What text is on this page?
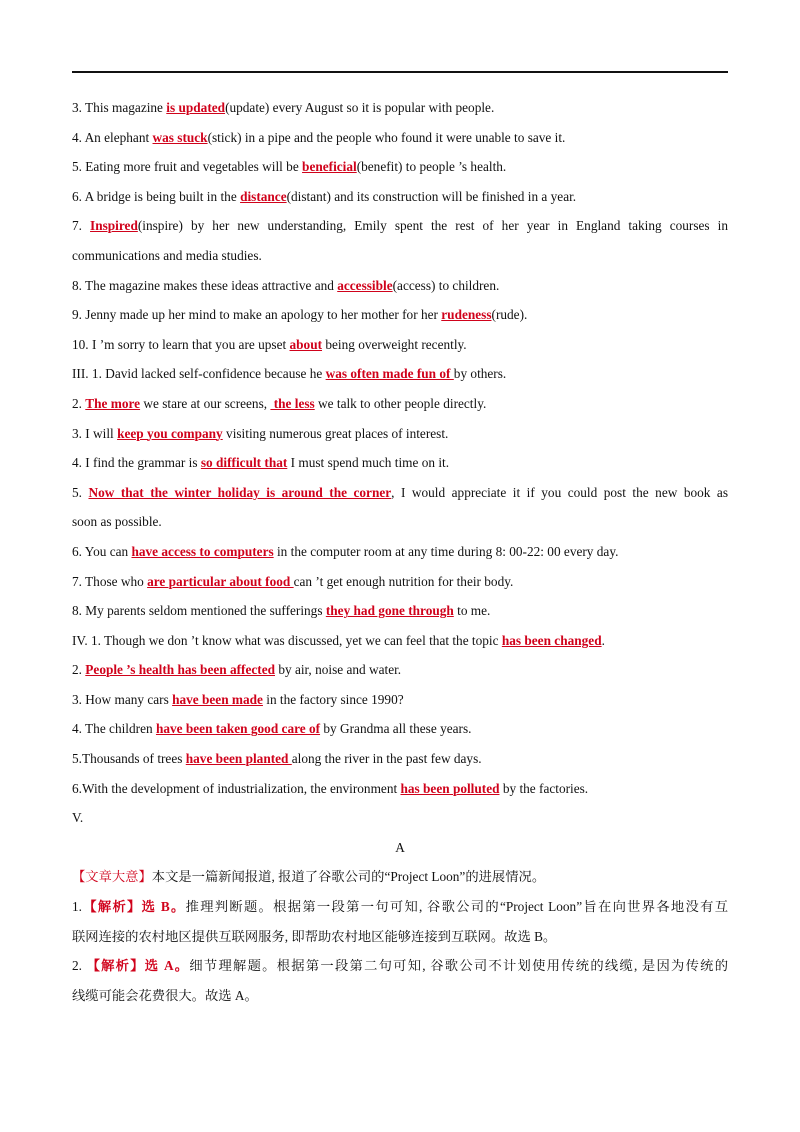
3. This magazine is updated(update) every August so it is popular with people.
4. An elephant was stuck(stick) in a pipe and the people who found it were unable to save it.
5. Eating more fruit and vegetables will be beneficial(benefit) to people ’s health.
6. A bridge is being built in the distance(distant) and its construction will be finished in a year.
7. Inspired(inspire) by her new understanding, Emily spent the rest of her year in England taking courses in
communications and media studies.
8. The magazine makes these ideas attractive and accessible(access) to children.
9. Jenny made up her mind to make an apology to her mother for her rudeness(rude).
10. I ’m sorry to learn that you are upset about being overweight recently.
III. 1. David lacked self-confidence because he was often made fun of by others.
2. The more we stare at our screens,  the less we talk to other people directly.
3. I will keep you company visiting numerous great places of interest.
4. I find the grammar is so difficult that I must spend much time on it.
5. Now that the winter holiday is around the corner, I would appreciate it if you could post the new book as
soon as possible.
6. You can have access to computers in the computer room at any time during 8: 00-22: 00 every day.
7. Those who are particular about food can ’t get enough nutrition for their body.
8. My parents seldom mentioned the sufferings they had gone through to me.
IV. 1. Though we don ’t know what was discussed, yet we can feel that the topic has been changed.
2. People ’s health has been affected by air, noise and water.
3. How many cars have been made in the factory since 1990?
4. The children have been taken good care of by Grandma all these years.
5.Thousands of trees have been planted along the river in the past few days.
6.With the development of industrialization, the environment has been polluted by the factories.
V.
A
【文章大意】本文是一篇新闻报道, 报道了谷歌公司的“Project Loon”的进展情况。
1.【解析】选 B。推理判断题。根据第一段第一句可知, 谷歌公司的“Project Loon”旨在向世界各地没有互
联网连接的农村地区提供互联网服务, 即帮助农村地区能够连接到互联网。故选 B。
2. 【解析】选 A。细节理解题。根据第一段第二句可知, 谷歌公司不计划使用传统的线缆, 是因为传统的
线缆可能会花费很大。故选 A。
